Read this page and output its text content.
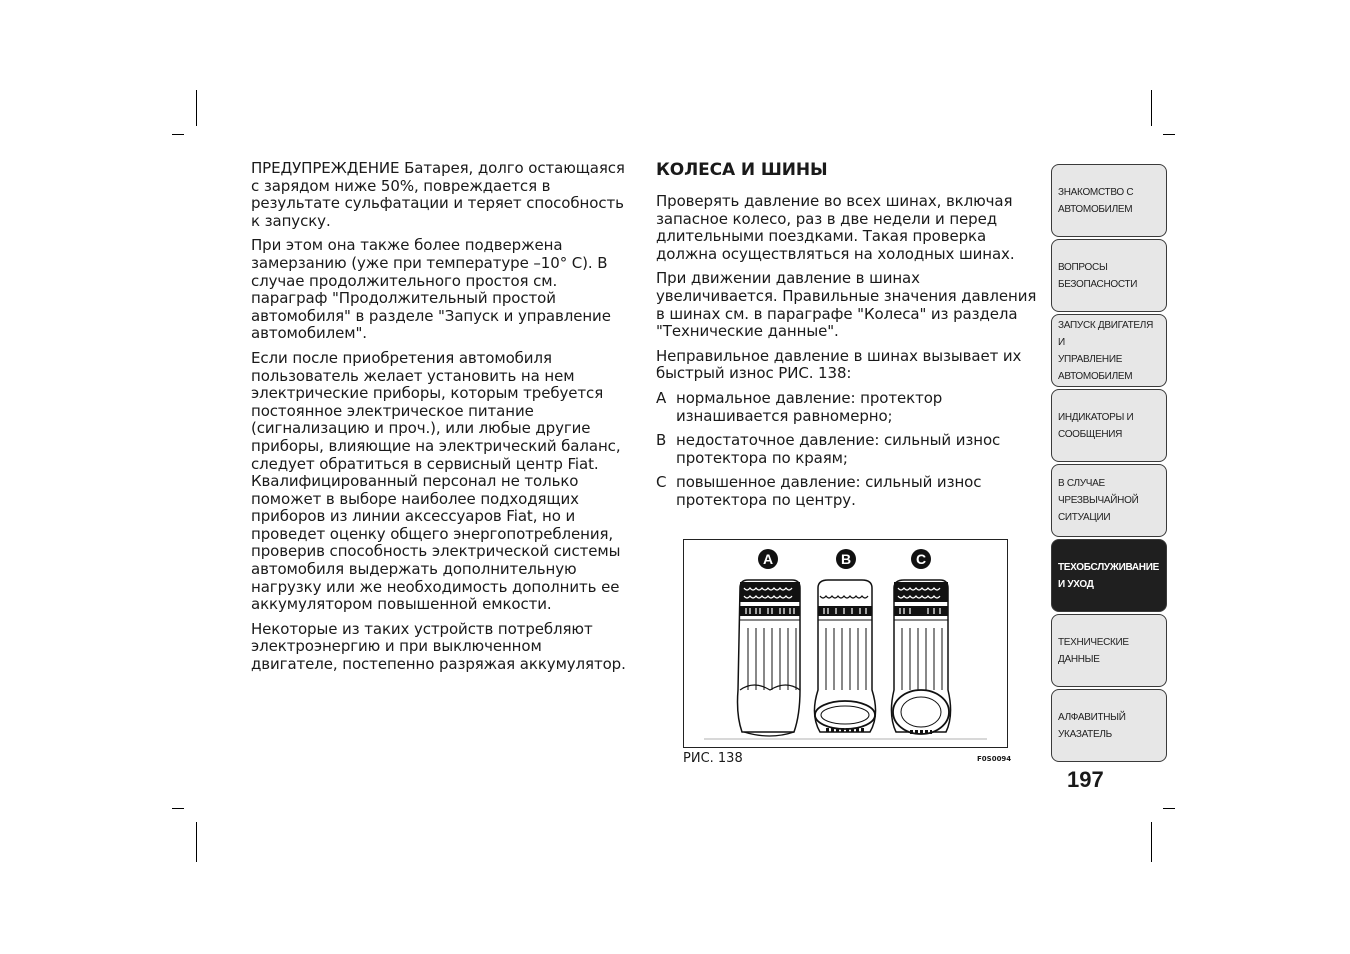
ПРЕДУПРЕЖДЕНИЕ Батарея, долго остающаяся с зарядом ниже 50%, повреждается в результате сульфатации и теряет способность к запуску.

При этом она также более подвержена замерзанию (уже при температуре –10° С). В случае продолжительного простоя см. параграф "Продолжительный простой автомобиля" в разделе "Запуск и управление автомобилем".

Если после приобретения автомобиля пользователь желает установить на нем электрические приборы, которым требуется постоянное электрическое питание (сигнализацию и проч.), или любые другие приборы, влияющие на электрический баланс, следует обратиться в сервисный центр Fiat. Квалифицированный персонал не только поможет в выборе наиболее подходящих приборов из линии аксессуаров Fiat, но и проведет оценку общего энергопотребления, проверив способность электрической системы автомобиля выдержать дополнительную нагрузку или же необходимость дополнить ее аккумулятором повышенной емкости.

Некоторые из таких устройств потребляют электроэнергию и при выключенном двигателе, постепенно разряжая аккумулятор.

КОЛЕСА И ШИНЫ

Проверять давление во всех шинах, включая запасное колесо, раз в две недели и перед длительными поездками. Такая проверка должна осуществляться на холодных шинах.

При движении давление в шинах увеличивается. Правильные значения давления в шинах см. в параграфе "Колеса" из раздела "Технические данные".

Неправильное давление в шинах вызывает их быстрый износ РИС. 138:

A нормальное давление: протектор изнашивается равномерно;
B недостаточное давление: сильный износ протектора по краям;
C повышенное давление: сильный износ протектора по центру.
A	B	C
РИС. 138	F0S0094
ЗНАКОМСТВО С
АВТОМОБИЛЕМ
ВОПРОСЫ
БЕЗОПАСНОСТИ
ЗАПУСК ДВИГАТЕЛЯ И
УПРАВЛЕНИЕ
АВТОМОБИЛЕМ
ИНДИКАТОРЫ И
СООБЩЕНИЯ
В СЛУЧАЕ
ЧРЕЗВЫЧАЙНОЙ
СИТУАЦИИ
ТЕХОБСЛУЖИВАНИЕ
И УХОД
ТЕХНИЧЕСКИЕ
ДАННЫЕ
АЛФАВИТНЫЙ
УКАЗАТЕЛЬ
197
